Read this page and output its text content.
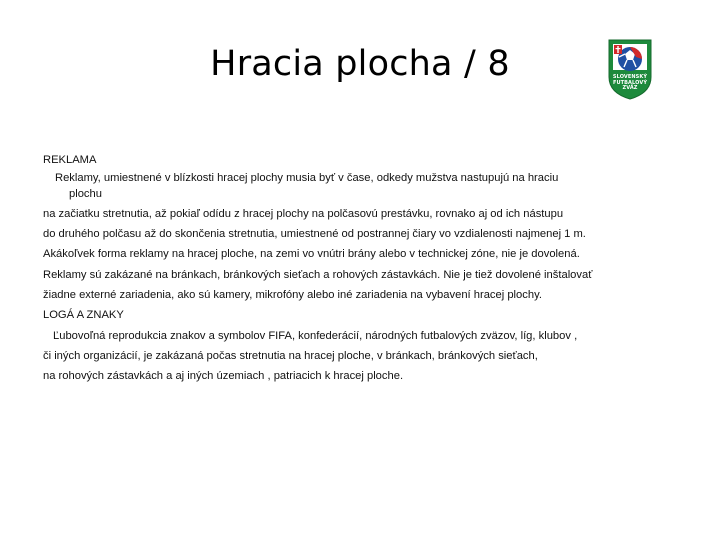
Hracia plocha / 8	SLOVENSKÝ
FUTBALOVÝ
ZVÄZ
REKLAMA
Reklamy, umiestnené v blízkosti hracej plochy musia byť v čase, odkedy mužstva nastupujú na hraciu
plochu
na začiatku stretnutia, až pokiaľ odídu z hracej plochy na polčasovú prestávku, rovnako aj od ich nástupu
do druhého polčasu až do skončenia stretnutia, umiestnené od postrannej čiary vo vzdialenosti najmenej 1 m.
Akákoľvek forma reklamy na hracej ploche, na zemi vo vnútri brány alebo v technickej zóne, nie je dovolená.
Reklamy sú zakázané na bránkach, bránkových sieťach a rohových zástavkách. Nie je tiež dovolené inštalovať
žiadne externé zariadenia, ako sú kamery, mikrofóny alebo iné zariadenia na vybavení hracej plochy.
LOGÁ A ZNAKY
Ľubovoľná reprodukcia znakov a symbolov FIFA, konfederácií, národných futbalových zväzov, líg, klubov ,
či iných organizácií, je zakázaná počas stretnutia na hracej ploche, v bránkach, bránkových sieťach,
na rohových zástavkách a aj iných územiach , patriacich k hracej ploche.
